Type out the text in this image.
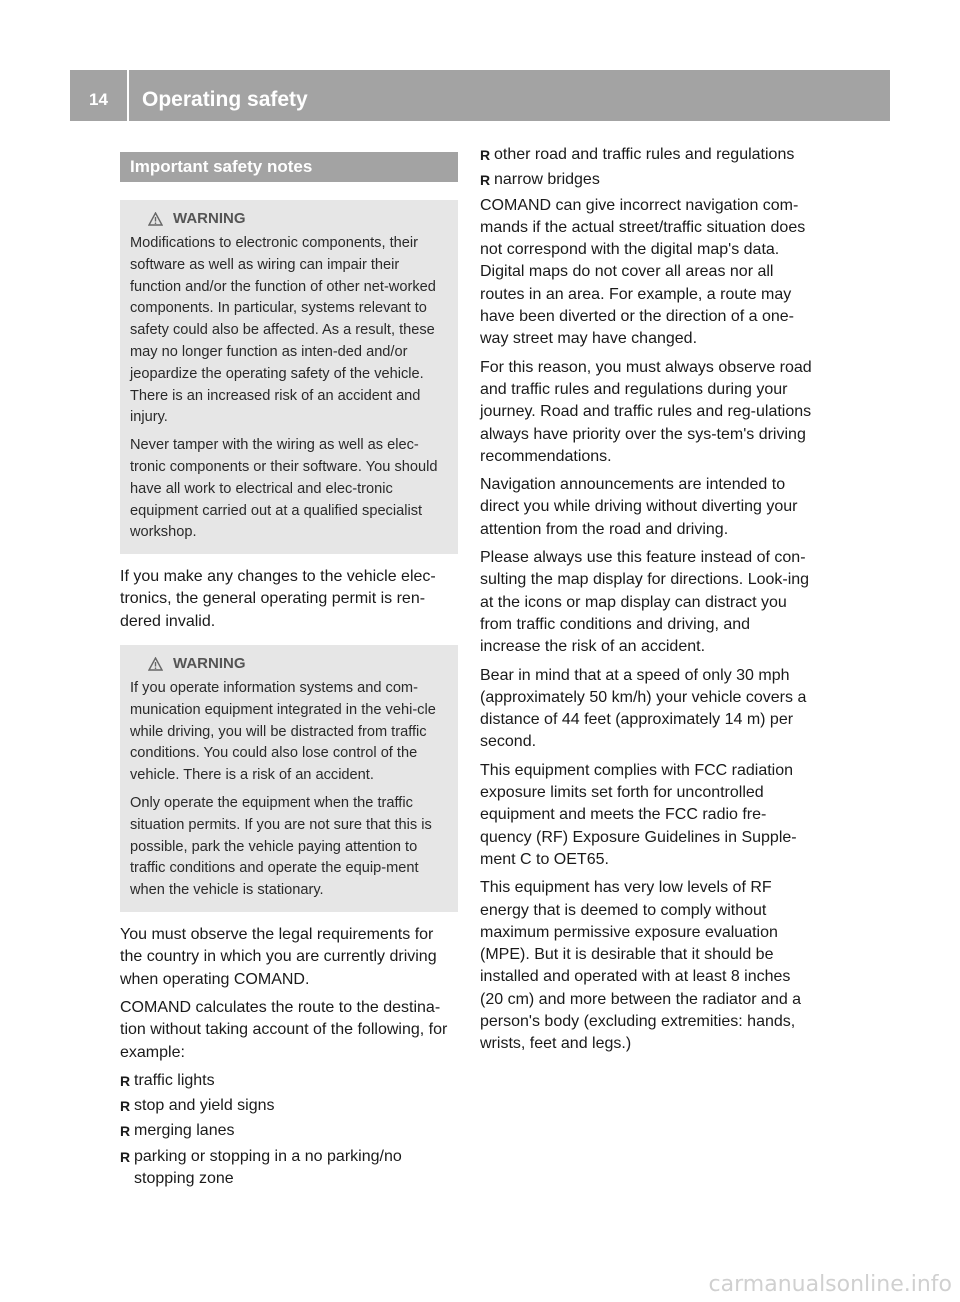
14	Operating safety
Important safety notes
WARNING

Modifications to electronic components, their software as well as wiring can impair their function and/or the function of other net-worked components. In particular, systems relevant to safety could also be affected. As a result, these may no longer function as inten-ded and/or jeopardize the operating safety of the vehicle. There is an increased risk of an accident and injury.

Never tamper with the wiring as well as elec-tronic components or their software. You should have all work to electrical and elec-tronic equipment carried out at a qualified specialist workshop.

If you make any changes to the vehicle elec-tronics, the general operating permit is ren-dered invalid.

WARNING

If you operate information systems and com-munication equipment integrated in the vehi-cle while driving, you will be distracted from traffic conditions. You could also lose control of the vehicle. There is a risk of an accident.

Only operate the equipment when the traffic situation permits. If you are not sure that this is possible, park the vehicle paying attention to traffic conditions and operate the equip-ment when the vehicle is stationary.

You must observe the legal requirements for the country in which you are currently driving when operating COMAND.

COMAND calculates the route to the destina-tion without taking account of the following, for example:

R traffic lights
R stop and yield signs
R merging lanes
R parking or stopping in a no parking/no stopping zone
R other road and traffic rules and regulations
R narrow bridges

COMAND can give incorrect navigation com-mands if the actual street/traffic situation does not correspond with the digital map's data. Digital maps do not cover all areas nor all routes in an area. For example, a route may have been diverted or the direction of a one-way street may have changed.

For this reason, you must always observe road and traffic rules and regulations during your journey. Road and traffic rules and reg-ulations always have priority over the sys-tem's driving recommendations.

Navigation announcements are intended to direct you while driving without diverting your attention from the road and driving.

Please always use this feature instead of con-sulting the map display for directions. Look-ing at the icons or map display can distract you from traffic conditions and driving, and increase the risk of an accident.

Bear in mind that at a speed of only 30 mph (approximately 50 km/h) your vehicle covers a distance of 44 feet (approximately 14 m) per second.

This equipment complies with FCC radiation exposure limits set forth for uncontrolled equipment and meets the FCC radio fre-quency (RF) Exposure Guidelines in Supple-ment C to OET65.

This equipment has very low levels of RF energy that is deemed to comply without maximum permissive exposure evaluation (MPE). But it is desirable that it should be installed and operated with at least 8 inches (20 cm) and more between the radiator and a person's body (excluding extremities: hands, wrists, feet and legs.)

carmanualsonline.info
